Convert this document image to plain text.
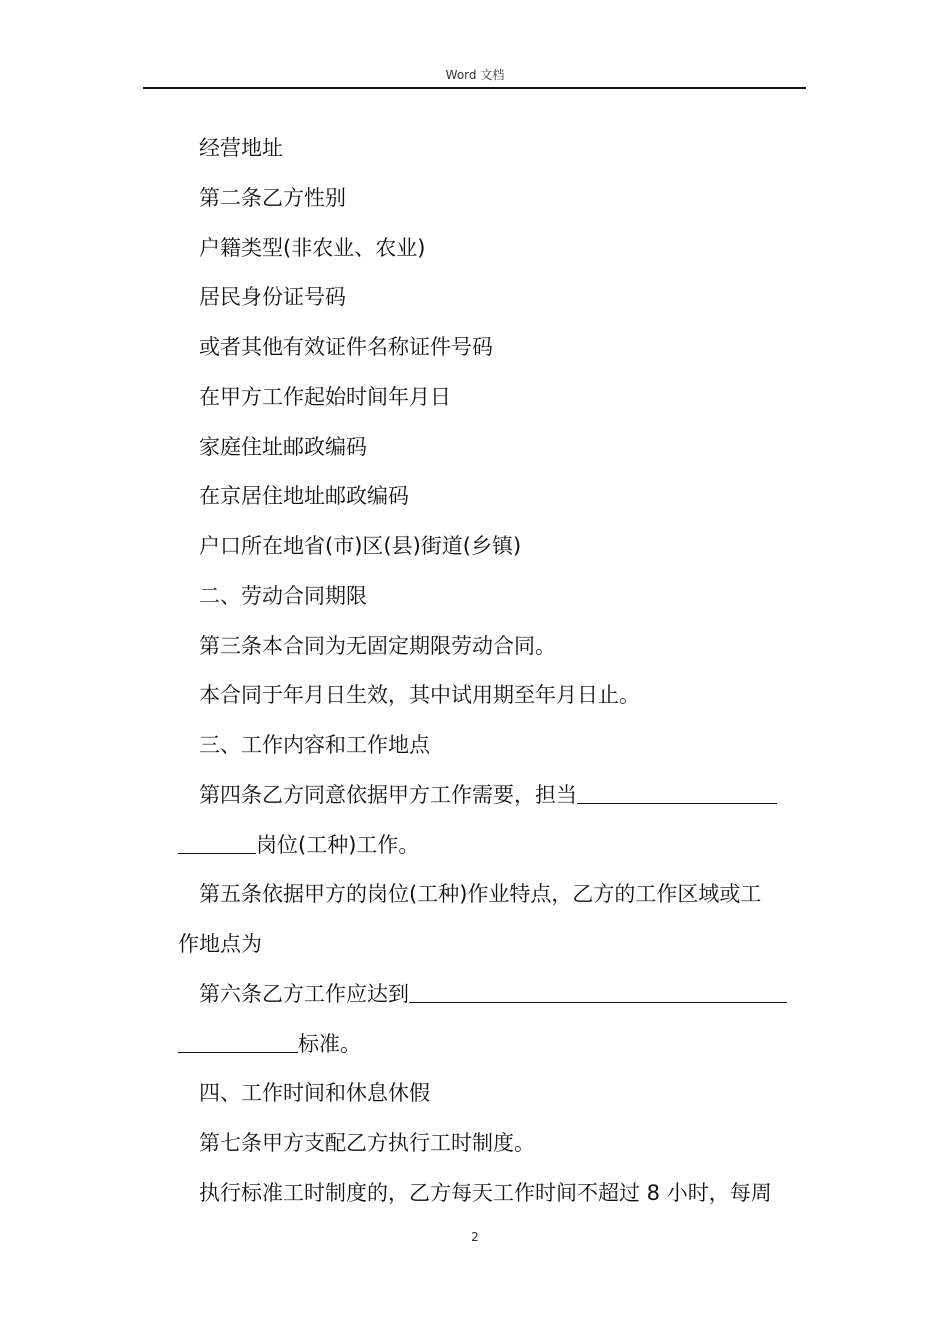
Word 文档
经营地址
第二条乙方性别
户籍类型(非农业、农业)
居民身份证号码
或者其他有效证件名称证件号码
在甲方工作起始时间年月日
家庭住址邮政编码
在京居住地址邮政编码
户口所在地省(市)区(县)街道(乡镇)
二、劳动合同期限
第三条本合同为无固定期限劳动合同。
本合同于年月日生效，其中试用期至年月日止。
三、工作内容和工作地点
第四条乙方同意依据甲方工作需要，担当
岗位(工种)工作。
第五条依据甲方的岗位(工种)作业特点，乙方的工作区域或工
作地点为
第六条乙方工作应达到
标准。
四、工作时间和休息休假
第七条甲方支配乙方执行工时制度。
执行标准工时制度的，乙方每天工作时间不超过 8 小时，每周
2
